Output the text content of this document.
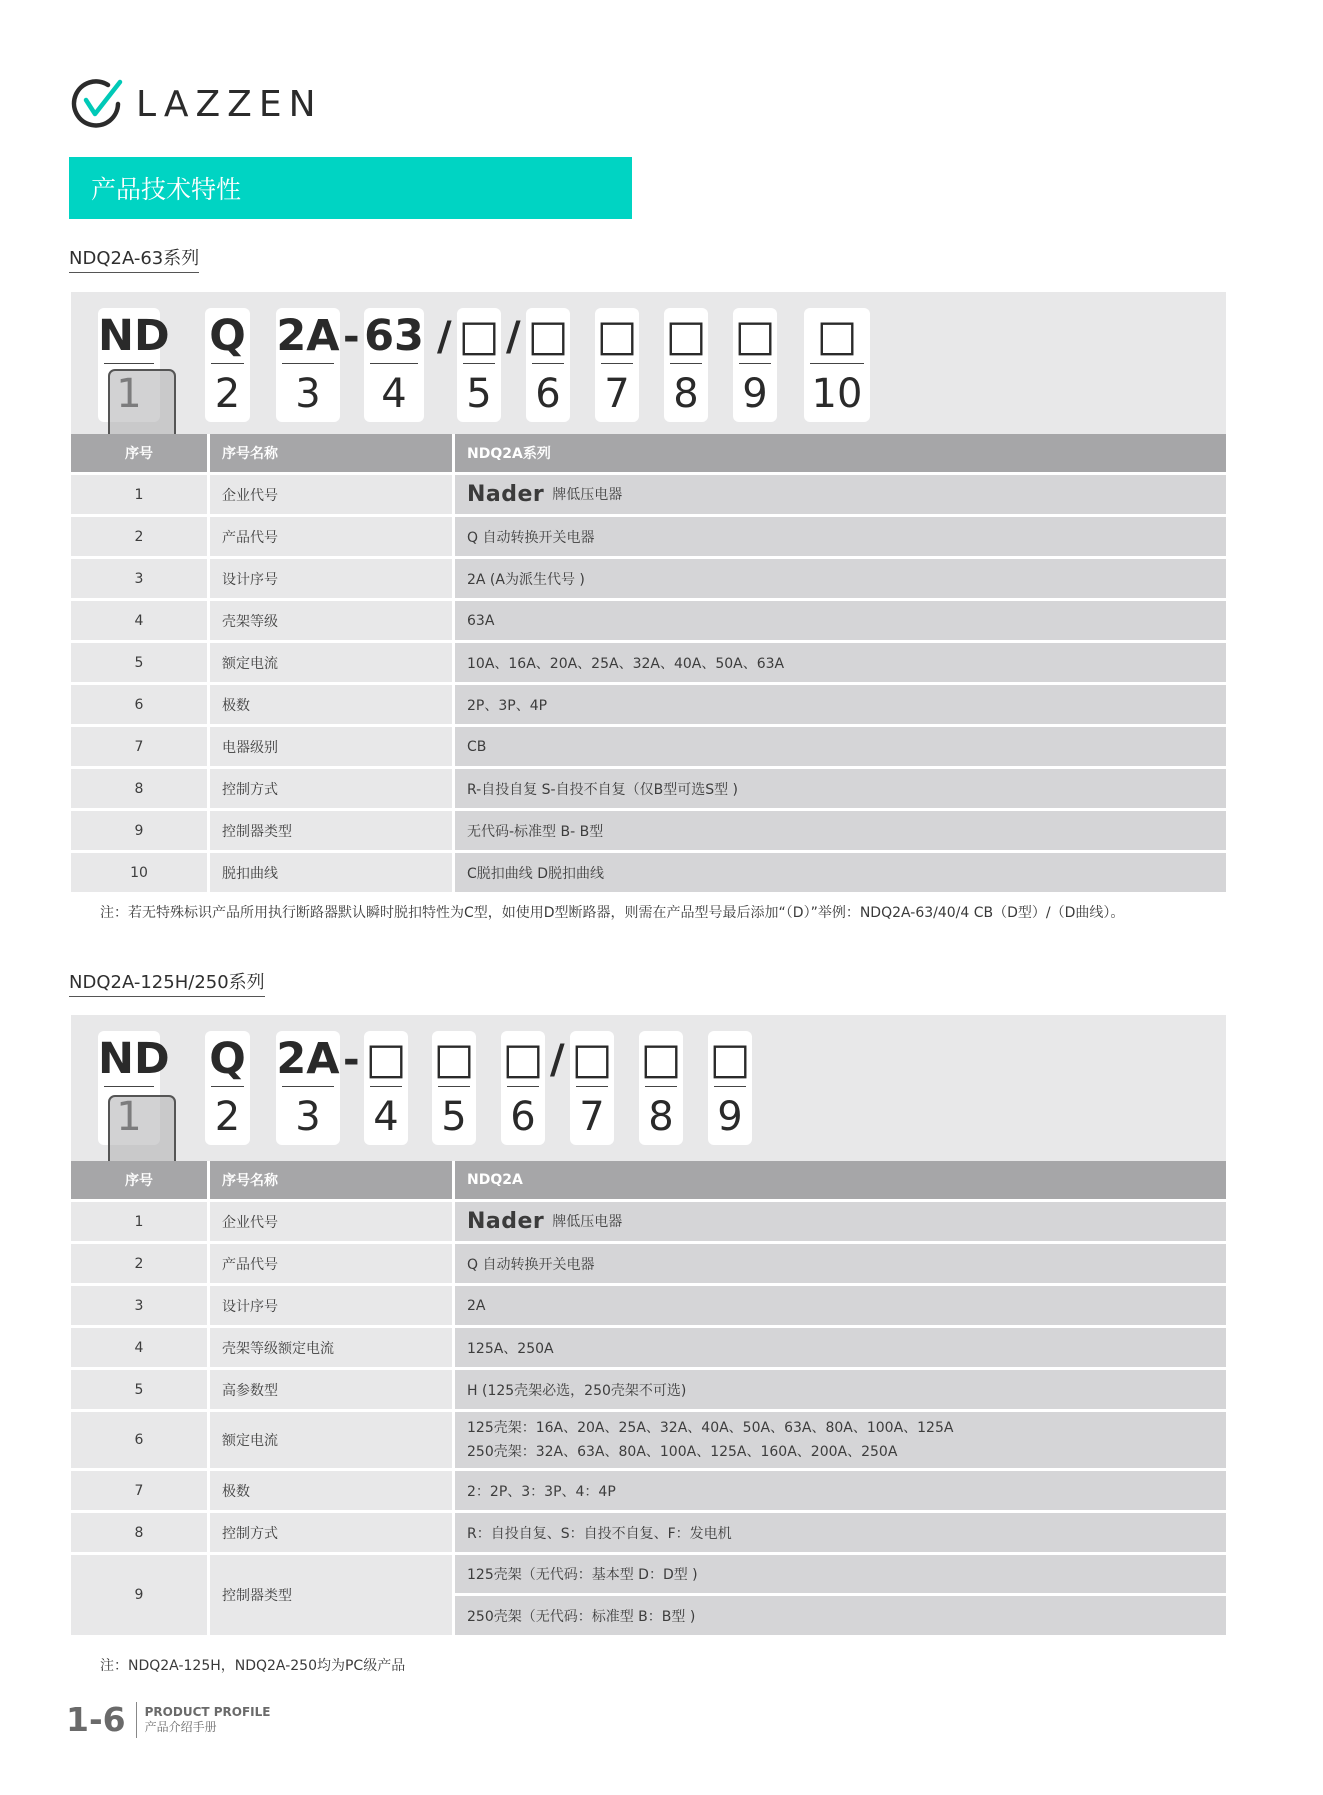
LAZZEN
产品技术特性
NDQ2A-63系列
ND Q
2
2A
3
63
4
□
5
□
6
□
7
□
8
□
9
□
10
- / /
序号	序号名称	NDQ2A系列
1	企业代号	Nader 牌低压电器
2	产品代号	Q 自动转换开关电器
3	设计序号	2A (A为派生代号 )
4	壳架等级	63A
5	额定电流	10A、16A、20A、25A、32A、40A、50A、63A
6	极数	2P、3P、4P
7	电器级别	CB
8	控制方式	R-自投自复 S-自投不自复（仅B型可选S型 )
9	控制器类型	无代码-标准型 B- B型
10	脱扣曲线	C脱扣曲线 D脱扣曲线
注：若无特殊标识产品所用执行断路器默认瞬时脱扣特性为C型，如使用D型断路器，则需在产品型号最后添加“（D）”举例：NDQ2A-63/40/4 CB（D型）/（D曲线）。
NDQ2A-125H/250系列
ND Q
2
2A
3
□
4
□
5
□
6
□
7
□
8
□
9
-	/
序号	序号名称	NDQ2A
1	企业代号	Nader 牌低压电器
2	产品代号	Q 自动转换开关电器
3	设计序号	2A
4	壳架等级额定电流	125A、250A
5	高参数型	H (125壳架必选，250壳架不可选)
6	额定电流	125壳架：16A、20A、25A、32A、40A、50A、63A、80A、100A、125A
250壳架：32A、63A、80A、100A、125A、160A、200A、250A

7	极数	2：2P、3：3P、4：4P
8	控制方式	R：自投自复、S：自投不自复、F：发电机
9	控制器类型	125壳架（无代码：基本型 D：D型 )
		250壳架（无代码：标准型 B：B型 )
注：NDQ2A-125H，NDQ2A-250均为PC级产品
1-6 PRODUCT PROFILE
产品介绍手册
